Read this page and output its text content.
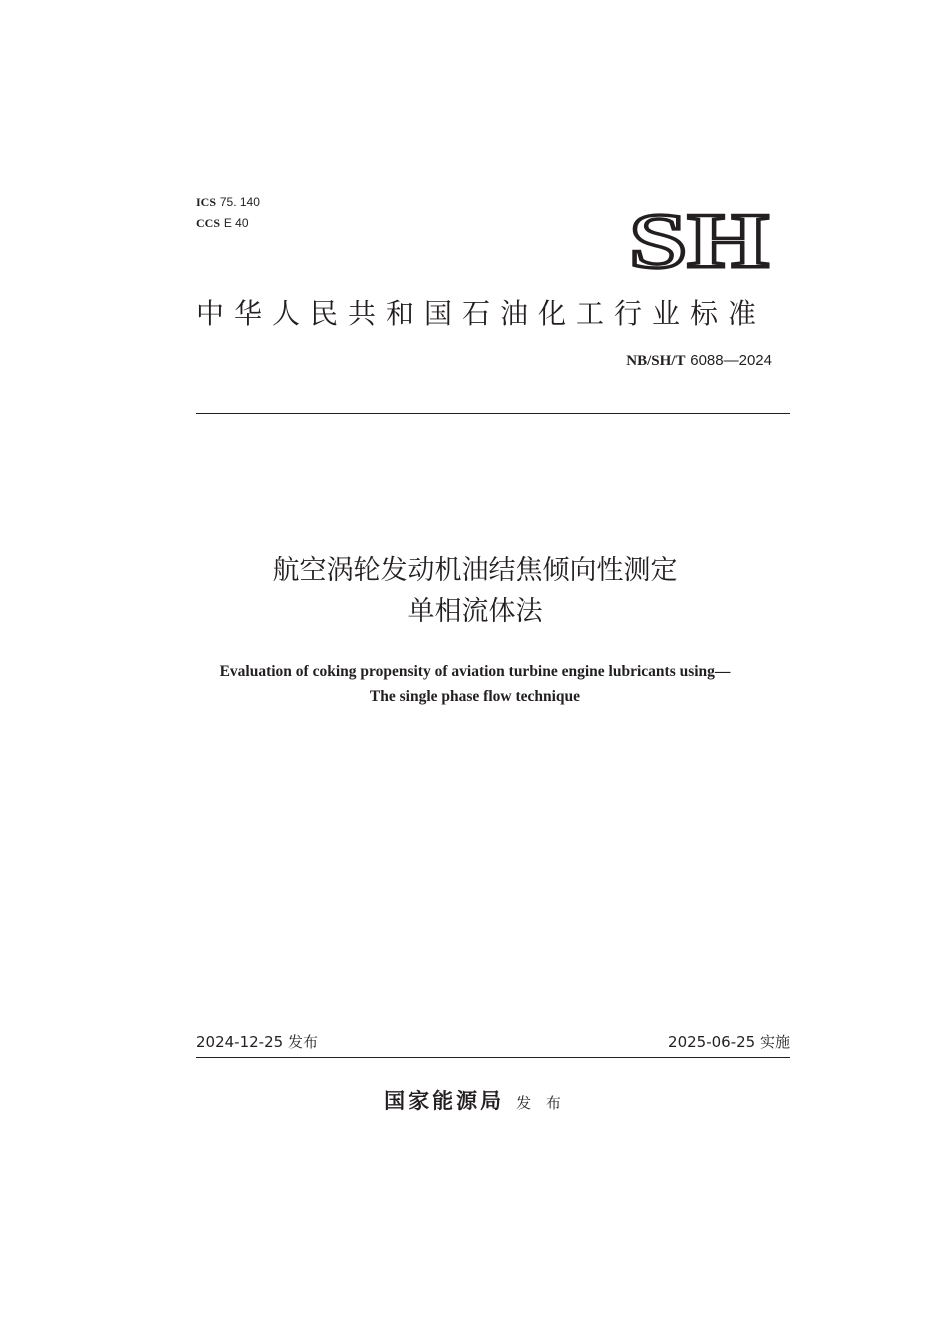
ICS 75. 140
CCS E 40	SH
中华人民共和国石油化工行业标准
NB/SH/T 6088—2024
航空涡轮发动机油结焦倾向性测定
单相流体法
Evaluation of coking propensity of aviation turbine engine lubricants using—
The single phase flow technique
2024-12-25 发布	2025-06-25 实施
国家能源局 发 布
